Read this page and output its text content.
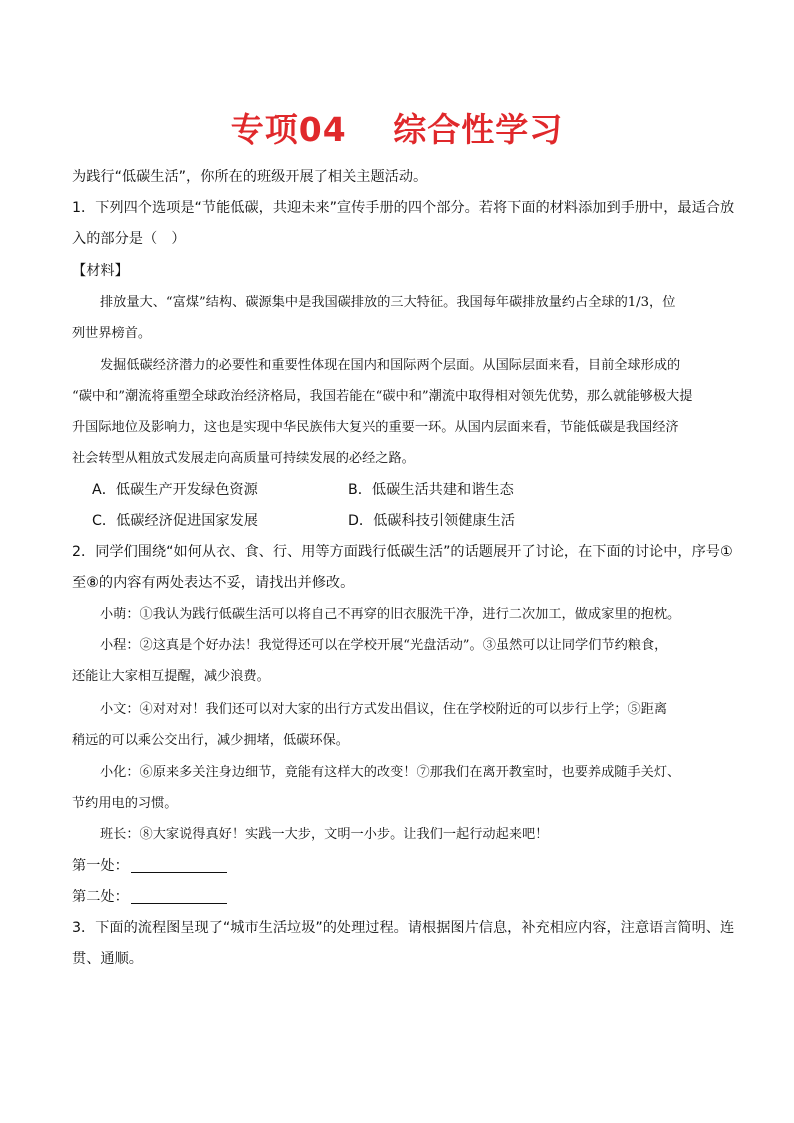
专项04　 综合性学习
为践行“低碳生活”，你所在的班级开展了相关主题活动。
1．下列四个选项是“节能低碳，共迎未来”宣传手册的四个部分。若将下面的材料添加到手册中，最适合放
入的部分是（　）
【材料】
排放量大、“富煤”结构、碳源集中是我国碳排放的三大特征。我国每年碳排放量约占全球的1/3，位
列世界榜首。
发掘低碳经济潜力的必要性和重要性体现在国内和国际两个层面。从国际层面来看，目前全球形成的
“碳中和”潮流将重塑全球政治经济格局，我国若能在“碳中和”潮流中取得相对领先优势，那么就能够极大提
升国际地位及影响力，这也是实现中华民族伟大复兴的重要一环。从国内层面来看，节能低碳是我国经济
社会转型从粗放式发展走向高质量可持续发展的必经之路。
A．低碳生产开发绿色资源	B．低碳生活共建和谐生态
C．低碳经济促进国家发展	D．低碳科技引领健康生活
2．同学们围绕“如何从衣、食、行、用等方面践行低碳生活”的话题展开了讨论，在下面的讨论中，序号①
至⑧的内容有两处表达不妥，请找出并修改。
小萌：①我认为践行低碳生活可以将自己不再穿的旧衣服洗干净，进行二次加工，做成家里的抱枕。
小程：②这真是个好办法！我觉得还可以在学校开展“光盘活动”。③虽然可以让同学们节约粮食，
还能让大家相互提醒，减少浪费。
小文：④对对对！我们还可以对大家的出行方式发出倡议，住在学校附近的可以步行上学；⑤距离
稍远的可以乘公交出行，减少拥堵，低碳环保。
小化：⑥原来多关注身边细节，竟能有这样大的改变！⑦那我们在离开教室时，也要养成随手关灯、
节约用电的习惯。
班长：⑧大家说得真好！实践一大步，文明一小步。让我们一起行动起来吧！
第一处：
第二处：
3．下面的流程图呈现了“城市生活垃圾”的处理过程。请根据图片信息，补充相应内容，注意语言简明、连
贯、通顺。
